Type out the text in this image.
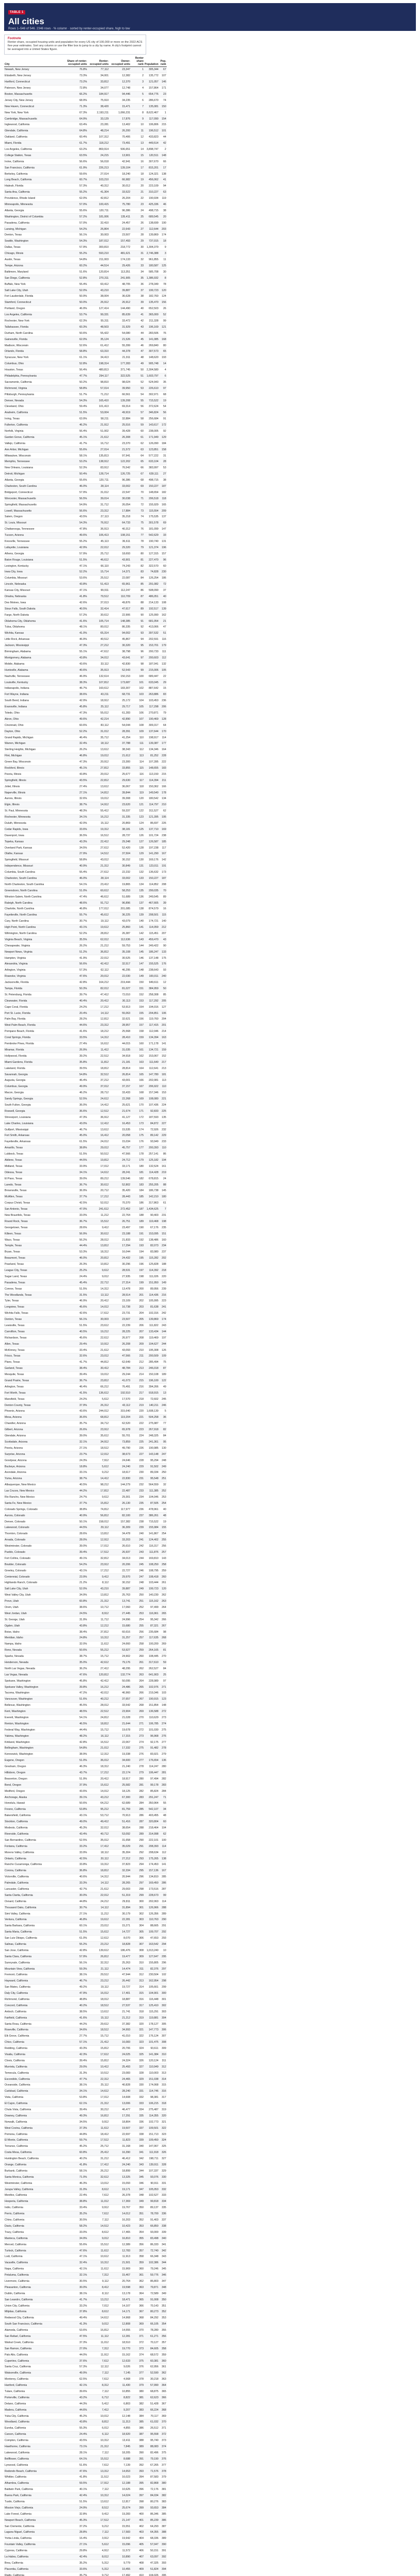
TABLE 1
All cities
Rows 1–546 of 546. 2346 rows · % column · sorted by renter-occupied share, high to low
Footnote
Renter share, occupied housing units and population for every US city of 100,000 or more on the 2022 ACS five-year estimates. Sort any column or use the filter box to jump to a city by name. A city's footprint cannot be averaged into a United States figure.
City	Share of renter-occupied units	Renter-occupied units	Owner-occupied units	Renter share rank	Population	Pop. rank
Newark, New Jersey	76.8%	77,112	23,347	1	305,344	67
Elizabeth, New Jersey	73.3%	34,001	12,382	2	135,772	107
Hartford, Connecticut	73.2%	33,812	12,370	3	121,057	146
Paterson, New Jersey	72.8%	34,077	12,748	4	157,864	171
Boston, Massachusetts	66.2%	184,917	94,446	5	654,776	23
Jersey City, New Jersey	68.9%	75,910	34,235	6	286,670	74
New Haven, Connecticut	71.3%	38,420	15,471	7	135,081	150
New York, New York	67.3%	2,193,211	1,066,231	8	8,622,467	1
Cambridge, Massachusetts	64.9%	33,129	17,876	9	117,090	154
Inglewood, California	63.4%	23,281	13,402	10	106,806	215
Glendale, California	64.8%	48,214	26,200	11	196,512	101
Oakland, California	60.4%	107,312	70,406	12	433,823	44
Miami, Florida	61.7%	118,212	73,491	13	449,514	42
Los Angeles, California	63.2%	869,914	506,651	14	3,898,747	2
College Station, Texas	63.5%	24,215	13,901	15	120,511	148
Irvine, California	56.6%	56,018	42,941	16	307,670	66
San Francisco, California	61.9%	226,213	139,104	17	815,201	17
Berkeley, California	59.6%	27,014	18,240	18	124,321	138
Long Beach, California	60.7%	103,210	66,982	19	456,062	41
Hialeah, Florida	57.3%	40,312	30,012	20	223,109	94
Santa Ana, California	55.2%	41,304	33,522	21	310,227	63
Providence, Rhode Island	62.0%	42,812	26,204	22	190,934	119
Minneapolis, Minnesota	57.0%	100,415	75,780	23	425,336	46
Atlanta, Georgia	55.6%	120,711	96,386	24	498,715	38
Washington, District of Columbia	57.2%	181,006	135,411	25	689,545	20
Pasadena, California	57.0%	32,410	24,457	26	138,699	190
Lansing, Michigan	54.2%	26,804	22,643	27	112,644	203
Denton, Texas	56.1%	30,003	23,507	28	139,869	174
Seattle, Washington	54.3%	187,012	157,493	29	737,015	18
Dallas, Texas	57.9%	300,810	218,772	30	1,304,379	9
Chicago, Illinois	55.2%	593,210	481,621	31	2,746,388	3
Austin, Texas	54.8%	211,003	174,133	32	961,855	11
Tempe, Arizona	60.2%	44,514	29,426	33	180,587	125
Baltimore, Maryland	51.6%	120,814	113,351	34	585,708	30
San Diego, California	52.8%	270,311	241,905	35	1,386,932	8
Buffalo, New York	55.4%	60,412	48,705	36	278,349	78
Salt Lake City, Utah	52.0%	43,210	39,887	37	199,723	120
Fort Lauderdale, Florida	50.9%	38,004	36,628	38	182,760	124
Stamford, Connecticut	50.0%	26,912	26,912	39	135,470	156
Portland, Oregon	46.9%	127,414	144,490	40	652,503	26
Los Angeles, California	53.7%	99,331	85,639	41	365,000	52
Rochester, New York	62.3%	55,311	33,472	42	211,328	99
Tallahassee, Florida	60.3%	48,503	31,929	43	196,169	121
Durham, North Carolina	50.6%	55,422	54,080	44	283,506	76
Gainesville, Florida	62.0%	35,124	21,526	45	141,085	168
Madison, Wisconsin	52.6%	61,412	55,399	46	269,840	80
Orlando, Florida	58.8%	63,310	44,378	47	307,573	65
Syracuse, New York	61.1%	34,413	21,911	48	148,620	193
Columbus, Ohio	52.8%	198,314	177,283	49	905,748	14
Houston, Texas	56.4%	480,813	371,745	50	2,304,580	4
Philadelphia, Pennsylvania	47.7%	294,117	322,525	51	1,603,797	6
Sacramento, California	50.2%	98,810	98,024	52	524,943	35
Richmond, Virginia	58.8%	57,014	39,950	53	226,610	97
Pittsburgh, Pennsylvania	51.7%	71,212	66,561	54	302,971	68
Denver, Nevada	54.3%	165,410	139,208	55	715,522	19
Cleveland, Ohio	59.4%	101,413	69,314	56	372,624	54
Anaheim, California	51.5%	53,004	49,919	57	346,824	56
Irving, Texas	63.9%	58,211	32,884	58	256,684	91
Fullerton, California	46.2%	21,912	25,516	59	143,617	172
Norfolk, Virginia	56.4%	51,002	39,428	60	238,005	92
Garden Grove, California	45.1%	21,612	26,308	61	171,949	129
Vallejo, California	41.7%	16,712	23,370	62	126,090	184
Ann Arbor, Michigan	55.6%	27,014	21,572	63	123,851	158
Milwaukee, Wisconsin	58.1%	135,813	97,941	64	577,222	31
Memphis, Tennessee	53.2%	138,912	122,202	65	633,104	28
New Orleans, Louisiana	52.3%	83,912	76,542	66	383,997	53
Detroit, Michigan	50.4%	128,714	126,725	67	639,111	27
Atlanta, Georgia	55.6%	120,711	96,386	68	498,715	38
Charleston, South Carolina	46.0%	28,114	33,002	69	150,227	187
Bridgeport, Connecticut	57.9%	31,012	22,547	70	148,654	182
Worcester, Massachusetts	56.5%	39,014	30,038	71	206,518	118
Springfield, Massachusetts	54.9%	31,712	26,054	72	155,929	165
Lowell, Massachusetts	56.6%	23,312	17,884	73	115,554	209
Salem, Oregon	43.5%	27,113	35,218	74	175,535	137
St. Louis, Missouri	54.3%	76,912	64,733	75	301,578	69
Chattanooga, Tennessee	47.8%	36,913	40,312	76	181,099	147
Tucson, Arizona	49.6%	106,413	108,151	77	542,629	33
Knoxville, Tennessee	55.2%	45,113	36,611	78	190,740	131
Lafayette, Louisiana	42.9%	22,012	29,320	79	121,374	196
Athens, Georgia	57.9%	25,712	18,693	80	127,315	157
Baton Rouge, Louisiana	51.5%	46,612	43,901	81	227,470	96
Lexington, Kentucky	47.1%	66,110	74,243	82	322,570	60
Iowa City, Iowa	52.2%	15,714	14,371	83	74,828	230
Columbia, Missouri	53.6%	25,512	22,087	84	126,254	186
Lincoln, Nebraska	43.8%	51,413	65,961	85	291,082	72
Kansas City, Missouri	47.1%	99,911	112,247	86	508,090	37
Omaha, Nebraska	41.8%	79,512	110,709	87	486,051	40
Des Moines, Iowa	42.6%	37,013	49,876	88	214,133	108
Sioux Falls, South Dakota	40.5%	32,414	47,617	89	192,517	139
Fargo, North Dakota	57.2%	30,612	22,906	90	125,990	162
Oklahoma City, Oklahoma	41.6%	105,714	148,385	91	681,054	21
Tulsa, Oklahoma	48.1%	80,012	86,335	92	413,066	47
Wichita, Kansas	41.0%	65,314	94,002	93	397,532	51
Little Rock, Arkansas	46.9%	40,512	45,867	94	202,591	116
Jackson, Mississippi	47.3%	27,212	30,320	95	153,701	179
Birmingham, Alabama	55.1%	47,612	38,798	96	200,733	111
Montgomery, Alabama	43.8%	34,012	43,641	97	200,603	112
Mobile, Alabama	43.6%	33,112	42,830	98	187,041	132
Huntsville, Alabama	40.6%	35,913	52,543	99	215,006	105
Nashville, Tennessee	46.9%	132,614	150,153	100	689,447	22
Louisville, Kentucky	38.3%	107,812	173,687	101	633,045	29
Indianapolis, Indiana	46.7%	160,612	183,307	102	887,642	15
Fort Wayne, Indiana	38.6%	43,211	68,731	103	263,886	83
South Bend, Indiana	42.9%	18,912	25,172	104	103,453	236
Evansville, Indiana	45.8%	25,112	29,717	105	117,298	206
Toledo, Ohio	47.3%	55,012	61,283	106	270,871	79
Akron, Ohio	49.6%	42,214	42,890	107	190,469	128
Cincinnati, Ohio	60.6%	83,112	54,044	108	309,317	64
Dayton, Ohio	52.2%	31,012	28,391	109	137,644	170
Grand Rapids, Michigan	46.4%	35,712	41,254	110	198,917	114
Warren, Michigan	32.4%	18,112	37,788	111	139,387	177
Sterling Heights, Michigan	26.2%	13,612	38,343	112	134,346	164
Flint, Michigan	46.8%	19,012	21,612	113	81,252	228
Green Bay, Wisconsin	47.3%	20,912	23,300	114	107,395	222
Rockford, Illinois	45.1%	27,812	33,855	115	148,655	183
Peoria, Illinois	43.8%	20,012	25,677	116	113,150	215
Springfield, Illinois	43.5%	22,812	29,630	117	114,394	211
Joliet, Illinois	27.4%	13,612	36,067	118	150,362	166
Naperville, Illinois	27.1%	14,812	39,844	119	149,540	178
Aurora, Illinois	32.6%	19,012	39,308	120	180,542	134
Elgin, Illinois	38.7%	14,912	23,620	121	114,797	210
St. Paul, Minnesota	48.3%	55,412	59,337	122	311,527	62
Rochester, Minnesota	34.1%	16,212	31,335	123	121,395	195
Duluth, Minnesota	42.0%	15,112	20,869	124	86,697	226
Cedar Rapids, Iowa	33.6%	19,312	38,181	125	137,710	169
Davenport, Iowa	36.5%	16,512	28,737	126	101,724	238
Topeka, Kansas	43.3%	22,412	29,348	127	126,587	185
Overland Park, Kansas	34.5%	27,612	52,420	128	197,238	117
Olathe, Kansas	27.9%	14,512	37,504	129	141,290	167
Springfield, Missouri	58.8%	43,012	30,152	130	169,176	142
Independence, Missouri	40.9%	21,312	30,849	131	123,011	191
Columbia, South Carolina	55.4%	27,612	22,232	132	136,632	173
Charleston, South Carolina	46.0%	28,114	33,002	133	150,227	187
North Charleston, South Carolina	54.1%	23,412	19,865	134	114,852	208
Greensboro, North Carolina	51.0%	60,612	58,253	135	299,035	70
Winston-Salem, North Carolina	47.4%	46,612	51,689	136	249,545	89
Raleigh, North Carolina	48.6%	91,712	96,896	137	467,665	39
Charlotte, North Carolina	46.8%	177,012	201,085	138	874,579	16
Fayetteville, North Carolina	55.7%	45,612	36,225	139	208,501	115
Cary, North Carolina	30.7%	19,112	43,079	140	174,721	140
High Point, North Carolina	43.1%	19,612	25,860	141	114,059	212
Wilmington, North Carolina	52.2%	28,812	26,387	142	115,451	207
Virginia Beach, Virginia	35.5%	62,012	112,636	143	459,470	43
Chesapeake, Virginia	26.2%	21,212	59,753	144	249,422	90
Newport News, Virginia	51.2%	36,812	35,108	145	186,247	133
Hampton, Virginia	41.9%	22,012	30,525	146	137,148	175
Alexandria, Virginia	56.6%	42,412	32,517	147	155,525	176
Arlington, Virginia	57.3%	62,112	46,295	148	238,643	93
Roanoke, Virginia	47.6%	20,012	22,030	149	100,011	240
Jacksonville, Florida	42.8%	164,212	219,444	150	949,611	12
Tampa, Florida	50.3%	82,012	81,027	151	384,959	50
St. Petersburg, Florida	39.7%	47,412	72,010	152	258,308	85
Clearwater, Florida	40.4%	20,412	30,113	153	117,292	205
Cape Coral, Florida	24.2%	17,212	53,913	154	194,016	127
Port St. Lucie, Florida	20.4%	14,112	55,063	155	204,851	106
Palm Bay, Florida	28.2%	12,812	32,621	156	119,760	204
West Palm Beach, Florida	44.6%	23,312	28,957	157	117,415	201
Pompano Beach, Florida	41.6%	18,212	25,568	158	112,046	214
Coral Springs, Florida	33.5%	14,312	28,410	159	134,394	163
Pembroke Pines, Florida	27.4%	16,612	44,015	160	171,178	141
Miramar, Florida	26.9%	11,412	31,035	161	134,721	159
Hollywood, Florida	39.2%	22,512	34,918	162	153,067	152
Miami Gardens, Florida	35.8%	11,812	21,181	163	111,640	217
Lakeland, Florida	39.5%	18,812	28,814	164	112,641	213
Savannah, Georgia	54.8%	32,512	26,814	165	147,780	181
Augusta, Georgia	46.4%	37,212	43,001	166	202,081	113
Columbus, Georgia	49.9%	37,012	37,157	167	206,922	110
Macon, Georgia	46.2%	28,712	33,433	168	157,346	153
Sandy Springs, Georgia	52.5%	24,612	22,268	169	108,080	221
South Fulton, Georgia	36.0%	14,412	25,621	170	107,436	224
Roswell, Georgia	36.6%	12,512	21,674	171	92,833	225
Shreveport, Louisiana	47.3%	36,912	41,127	172	187,593	135
Lake Charles, Louisiana	43.0%	12,412	16,453	173	84,872	227
Gulfport, Mississippi	46.7%	13,612	15,535	174	72,926	232
Fort Smith, Arkansas	45.0%	16,412	20,058	175	89,142	229
Fayetteville, Arkansas	61.5%	24,012	15,034	176	93,949	233
Amarillo, Texas	38.8%	29,012	45,757	177	200,393	110
Lubbock, Texas	51.5%	50,512	47,566	178	257,141	86
Abilene, Texas	44.5%	19,812	24,712	179	125,182	194
Midland, Texas	33.9%	17,012	33,171	180	132,524	161
Odessa, Texas	34.1%	14,612	28,241	181	114,428	219
El Paso, Texas	39.0%	89,212	139,546	182	678,815	24
Laredo, Texas	36.7%	30,612	52,802	183	255,205	88
Brownsville, Texas	36.9%	20,712	35,420	184	186,738	145
McAllen, Texas	37.7%	17,212	28,443	185	142,210	180
Corpus Christi, Texas	42.5%	52,012	70,370	186	317,863	61
San Antonio, Texas	47.0%	241,612	272,452	187	1,434,625	7
New Braunfels, Texas	33.0%	11,212	22,764	188	90,403	231
Round Rock, Texas	36.7%	15,512	26,751	189	119,468	198
Georgetown, Texas	28.6%	9,412	23,497	190	67,176	235
Killeen, Texas	56.9%	30,612	23,188	191	153,095	151
Waco, Texas	56.2%	28,012	21,833	192	138,486	160
Temple, Texas	44.4%	13,812	17,294	193	82,073	234
Bryan, Texas	53.3%	18,312	16,044	194	83,980	237
Beaumont, Texas	46.0%	20,812	24,432	195	115,282	202
Pearland, Texas	26.3%	10,812	30,296	196	125,828	188
League City, Texas	25.2%	9,612	28,531	197	114,392	218
Sugar Land, Texas	24.4%	9,012	27,935	198	111,026	220
Pasadena, Texas	45.4%	22,712	27,314	199	151,950	149
Conroe, Texas	51.5%	14,312	13,478	200	89,956	239
The Woodlands, Texas	31.5%	13,112	28,514	201	114,436	216
Tyler, Texas	46.9%	20,412	23,109	202	105,995	223
Longview, Texas	45.6%	14,012	16,738	203	81,638	241
Wichita Falls, Texas	42.6%	17,612	23,731	204	102,316	242
Denton, Texas	56.1%	30,003	23,507	205	139,869	174
Lewisville, Texas	51.5%	23,612	22,239	206	111,822	243
Carrollton, Texas	40.5%	19,212	28,225	207	133,434	144
Richardson, Texas	45.6%	22,612	26,977	208	119,469	197
Allen, Texas	29.4%	10,912	26,208	209	104,627	244
McKinney, Texas	33.4%	21,612	43,093	210	195,308	126
Frisco, Texas	32.6%	23,012	47,566	211	200,509	109
Plano, Texas	41.7%	44,812	62,649	212	285,494	75
Garland, Texas	38.4%	30,412	48,784	213	246,018	87
Mesquite, Texas	39.4%	19,012	29,244	214	150,108	189
Grand Prairie, Texas	36.7%	23,812	41,073	215	196,100	122
Arlington, Texas	46.4%	66,212	76,491	216	394,266	49
Fort Worth, Texas	41.5%	136,612	192,510	217	918,915	13
Mansfield, Texas	24.2%	5,612	17,570	218	72,602	245
Denton County, Texas	37.9%	26,312	43,112	219	140,211	246
Phoenix, Arizona	43.6%	244,012	315,640	220	1,608,139	5
Mesa, Arizona	36.6%	68,812	119,204	221	504,258	36
Chandler, Arizona	35.7%	34,712	62,520	222	275,987	77
Gilbert, Arizona	26.6%	23,912	65,978	223	267,918	82
Glendale, Arizona	39.0%	35,612	55,701	224	248,325	84
Scottsdale, Arizona	32.1%	34,912	73,859	225	241,361	95
Peoria, Arizona	27.1%	18,512	49,790	226	190,985	130
Surprise, Arizona	23.7%	12,012	38,673	227	143,148	247
Goodyear, Arizona	24.3%	7,912	24,646	228	95,294	248
Buckeye, Arizona	18.8%	5,612	24,240	229	91,502	249
Avondale, Arizona	33.1%	9,212	18,617	230	89,334	250
Yuma, Arizona	38.7%	14,412	22,830	231	95,548	251
Albuquerque, New Mexico	40.5%	98,212	144,279	232	564,559	32
Las Cruces, New Mexico	44.2%	17,812	22,487	233	111,385	252
Rio Rancho, New Mexico	24.7%	9,612	29,301	234	104,046	253
Santa Fe, New Mexico	37.7%	15,812	26,130	235	87,505	254
Colorado Springs, Colorado	38.8%	74,812	117,977	236	478,961	40
Aurora, Colorado	40.9%	56,812	82,100	237	386,261	48
Denver, Colorado	50.1%	158,012	157,382	238	715,522	19
Lakewood, Colorado	44.5%	29,112	36,309	239	155,984	155
Thornton, Colorado	28.6%	13,812	34,478	240	141,867	254
Arvada, Colorado	28.0%	12,912	33,203	241	124,402	255
Westminster, Colorado	39.0%	17,012	26,610	242	116,317	256
Pueblo, Colorado	39.4%	17,512	26,937	243	111,876	257
Fort Collins, Colorado	49.1%	32,812	34,013	244	169,810	143
Boulder, Colorado	54.2%	23,912	20,206	245	108,250	258
Greeley, Colorado	43.1%	17,212	22,727	246	108,795	259
Centennial, Colorado	23.9%	9,412	29,970	247	108,418	260
Highlands Ranch, Colorado	21.2%	8,112	30,152	248	103,444	261
Salt Lake City, Utah	52.0%	43,210	39,887	249	199,723	120
West Valley City, Utah	34.9%	13,812	25,763	250	140,230	262
Provo, Utah	60.8%	21,312	13,741	251	115,162	263
Orem, Utah	38.6%	10,712	17,060	252	97,499	264
West Jordan, Utah	24.5%	8,912	27,445	253	116,961	265
St. George, Utah	31.9%	11,712	24,996	254	95,342	266
Ogden, Utah	43.8%	12,212	15,680	255	87,321	267
Boise, Idaho	38.4%	37,812	60,616	256	235,684	98
Meridian, Idaho	24.8%	10,312	31,257	257	117,635	268
Nampa, Idaho	32.0%	11,612	24,660	258	100,200	269
Reno, Nevada	50.6%	55,212	53,927	259	264,165	81
Sparks, Nevada	38.7%	15,712	24,902	260	108,445	270
Henderson, Nevada	35.0%	42,612	79,176	261	317,610	59
North Las Vegas, Nevada	36.2%	27,412	48,295	262	262,527	84
Las Vegas, Nevada	47.6%	120,812	132,774	263	641,903	25
Spokane, Washington	45.8%	42,412	50,095	264	228,989	97
Spokane Valley, Washington	39.8%	16,212	24,486	265	102,976	271
Tacoma, Washington	47.2%	42,012	46,960	266	219,346	103
Vancouver, Washington	51.6%	40,212	37,657	267	190,915	123
Bellevue, Washington	45.5%	28,012	33,542	268	151,854	148
Kent, Washington	48.5%	22,512	23,904	269	136,588	272
Everett, Washington	54.1%	24,812	21,028	270	110,629	273
Renton, Washington	46.5%	18,812	21,644	271	106,785	274
Federal Way, Washington	44.4%	15,712	19,678	272	101,030	275
Yakima, Washington	48.2%	16,112	17,315	273	96,968	276
Kirkland, Washington	42.8%	16,512	22,067	274	92,175	277
Bellingham, Washington	54.8%	21,012	17,332	275	91,482	278
Kennewick, Washington	38.9%	12,312	19,338	276	83,921	279
Eugene, Oregon	51.0%	36,012	34,600	277	176,654	136
Gresham, Oregon	46.3%	18,312	21,240	278	114,247	280
Hillsboro, Oregon	43.7%	17,212	22,174	279	106,447	281
Beaverton, Oregon	51.9%	20,412	18,917	280	97,494	282
Bend, Oregon	37.9%	15,612	25,582	281	99,178	283
Medford, Oregon	43.6%	14,012	18,125	282	85,824	284
Anchorage, Alaska	39.1%	43,212	67,300	283	291,247	71
Honolulu, Hawaii	50.6%	64,212	62,689	284	350,964	55
Fresno, California	53.8%	95,212	81,759	285	542,107	34
Bakersfield, California	43.1%	53,712	70,913	286	403,455	48
Stockton, California	49.0%	49,412	51,416	287	320,804	60
Modesto, California	45.3%	32,012	38,654	288	218,464	104
Riverside, California	43.4%	40,712	53,092	289	314,998	62
San Bernardino, California	52.5%	35,012	31,658	290	222,101	100
Fontana, California	33.2%	17,412	35,029	291	208,393	114
Moreno Valley, California	33.9%	18,112	35,304	292	208,634	112
Ontario, California	42.5%	20,112	27,212	293	175,265	138
Rancho Cucamonga, California	33.8%	19,312	37,823	294	174,453	141
Corona, California	36.8%	18,812	32,334	295	157,136	167
Victorville, California	40.6%	14,312	20,944	296	134,810	285
Palmdale, California	33.3%	14,112	28,265	297	169,450	286
Lancaster, California	42.7%	21,612	29,003	298	173,516	287
Santa Clarita, California	30.0%	22,012	51,319	299	228,673	99
Oxnard, California	44.8%	24,212	29,811	300	202,063	114
Thousand Oaks, California	30.7%	14,112	31,894	301	126,966	288
Simi Valley, California	27.1%	11,212	30,179	302	126,356	289
Ventura, California	46.8%	19,612	22,281	303	110,763	290
Santa Barbara, California	60.1%	23,012	15,271	304	88,665	291
Santa Maria, California	51.5%	15,612	14,727	305	109,707	292
San Luis Obispo, California	61.0%	12,612	8,070	306	47,653	293
Salinas, California	55.2%	23,212	18,828	307	163,542	294
San Jose, California	42.8%	139,612	186,476	308	1,013,240	10
Santa Clara, California	57.9%	26,812	19,477	309	127,647	295
Sunnyvale, California	56.1%	32,312	25,263	310	155,805	296
Mountain View, California	59.3%	21,112	14,474	311	82,376	297
Fremont, California	38.1%	29,512	47,944	312	230,504	102
Hayward, California	46.7%	23,212	26,442	313	162,954	298
San Mateo, California	49.2%	19,112	19,727	314	105,661	299
Daly City, California	47.9%	16,012	17,401	315	104,901	300
Richmond, California	48.8%	18,012	18,887	316	116,448	301
Concord, California	40.2%	18,512	27,537	317	125,410	302
Antioch, California	38.5%	13,612	21,741	318	115,291	303
Fairfield, California	41.6%	15,112	21,212	319	119,881	304
Santa Rosa, California	44.2%	29,612	37,382	320	178,127	305
Roseville, California	34.6%	18,512	34,993	321	147,773	306
Elk Grove, California	27.7%	15,712	41,010	322	176,124	307
Chico, California	57.1%	21,412	16,083	323	101,475	308
Redding, California	43.3%	15,812	20,706	324	93,611	309
Visalia, California	42.3%	17,612	24,025	325	141,384	310
Clovis, California	39.4%	15,812	24,324	326	120,124	311
Murrieta, California	29.0%	10,412	25,493	327	110,949	312
Temecula, California	31.3%	10,512	23,083	328	110,003	313
Escondido, California	47.7%	22,312	24,465	329	151,038	314
Oceanside, California	38.1%	25,112	40,828	330	174,068	315
Carlsbad, California	34.1%	14,612	28,240	331	114,746	316
Vista, California	53.8%	17,012	14,608	332	98,381	317
El Cajon, California	62.1%	21,312	13,006	333	106,215	318
Chula Vista, California	39.4%	30,212	46,477	334	275,487	319
Downey, California	49.3%	16,812	17,291	335	114,355	320
Norwalk, California	34.5%	9,912	18,804	336	102,773	321
West Covina, California	37.3%	11,612	19,507	337	109,501	322
Pomona, California	44.8%	18,412	22,697	338	151,713	323
El Monte, California	59.7%	17,512	11,823	339	109,450	324
Torrance, California	45.2%	25,712	31,168	340	147,067	325
Costa Mesa, California	60.8%	25,412	16,390	341	111,918	326
Huntington Beach, California	40.2%	31,212	46,412	342	198,711	327
Orange, California	41.8%	17,412	24,240	343	139,911	328
Burbank, California	58.1%	26,212	18,899	344	107,337	329
Santa Monica, California	71.0%	32,612	13,325	345	93,076	330
Westminster, California	46.3%	13,012	15,093	346	90,911	331
Jurupa Valley, California	31.0%	8,612	19,171	347	105,053	332
Menifee, California	22.4%	7,612	26,378	348	102,527	333
Hesperia, California	38.8%	11,012	17,369	349	99,818	334
Indio, California	33.4%	9,912	19,767	350	89,137	335
Perris, California	35.2%	7,612	14,012	351	78,700	336
Chino, California	30.5%	7,112	16,203	352	91,403	337
Davis, California	58.2%	14,512	10,423	353	66,850	338
Tracy, California	33.0%	8,612	17,465	354	93,000	339
Manteca, California	34.9%	9,012	16,810	355	83,498	340
Merced, California	55.6%	15,512	12,389	356	86,333	341
Turlock, California	47.6%	11,612	12,783	357	72,740	342
Lodi, California	47.1%	10,612	11,913	358	66,348	343
Vacaville, California	32.4%	10,312	21,501	359	102,386	344
Napa, California	42.1%	11,612	15,969	360	79,246	345
Petaluma, California	32.1%	7,312	15,467	361	59,776	346
Livermore, California	30.5%	9,112	20,764	362	86,803	347
Pleasanton, California	30.0%	8,412	19,598	363	79,871	348
Dublin, California	38.1%	8,112	13,178	364	72,589	349
San Leandro, California	41.7%	13,212	18,471	365	91,008	350
Union City, California	33.2%	7,012	14,107	366	70,143	351
Milpitas, California	37.8%	8,612	14,171	367	80,273	352
Redwood City, California	49.4%	14,612	14,968	368	84,292	353
South San Francisco, California	41.3%	9,012	12,808	369	66,105	354
Alameda, California	53.6%	16,812	14,555	370	78,280	355
San Rafael, California	47.5%	11,112	12,281	371	61,271	356
Walnut Creek, California	37.3%	11,012	18,510	372	70,127	357
San Ramon, California	27.0%	7,312	19,770	373	84,605	358
Palo Alto, California	44.0%	11,912	15,162	374	68,572	359
Cupertino, California	37.6%	7,612	12,633	375	60,381	360
Santa Cruz, California	57.3%	12,112	9,026	376	62,956	361
Watsonville, California	49.9%	7,112	7,145	377	52,590	362
Monterey, California	62.5%	7,612	4,568	378	30,218	363
Hanford, California	42.1%	8,312	11,430	379	57,990	364
Tulare, California	39.6%	7,112	10,855	380	68,875	365
Porterville, California	43.2%	6,712	8,822	381	62,623	366
Delano, California	44.3%	5,412	6,803	382	51,428	367
Madera, California	44.6%	7,412	9,207	383	66,224	368
Yuba City, California	45.2%	10,012	12,148	384	70,117	369
Woodland, California	43.8%	8,812	11,313	385	61,032	370
Eureka, California	55.3%	6,012	4,855	386	26,512	371
Carson, California	24.4%	6,112	18,920	387	95,558	372
Compton, California	43.5%	10,312	13,411	388	95,740	373
Hawthorne, California	73.1%	21,312	7,845	389	88,083	374
Lakewood, California	28.1%	7,112	18,205	390	82,496	375
Bellflower, California	64.1%	15,512	8,688	391	79,190	376
Lynwood, California	51.6%	7,612	7,139	392	67,265	377
Redondo Beach, California	47.6%	13,312	14,653	393	71,576	378
Whittier, California	41.8%	11,512	16,023	394	87,583	379
Alhambra, California	59.5%	17,912	12,188	395	82,868	380
Baldwin Park, California	40.1%	7,112	10,625	396	72,176	381
Buena Park, California	42.4%	10,312	14,024	397	84,034	382
Tustin, California	51.5%	13,612	12,817	398	80,276	383
Mission Viejo, California	24.9%	8,512	25,674	399	93,653	384
Lake Forest, California	32.8%	9,412	19,283	400	86,346	385
Newport Beach, California	45.3%	17,512	21,147	401	85,239	386
San Clemente, California	37.2%	9,212	15,551	402	64,293	387
Laguna Niguel, California	28.8%	7,112	17,583	403	64,355	388
Yorba Linda, California	16.4%	3,912	19,942	404	68,336	389
Fountain Valley, California	27.1%	5,612	15,096	405	57,047	390
Cypress, California	29.8%	4,912	11,572	406	50,151	391
La Habra, California	42.4%	8,012	10,890	407	63,097	392
Brea, California	35.2%	5,312	9,779	408	47,325	393
Placentia, California	33.6%	5,312	10,455	409	51,824	394
Rialto, California	35.7%	9,712	17,492	410	104,026	395
